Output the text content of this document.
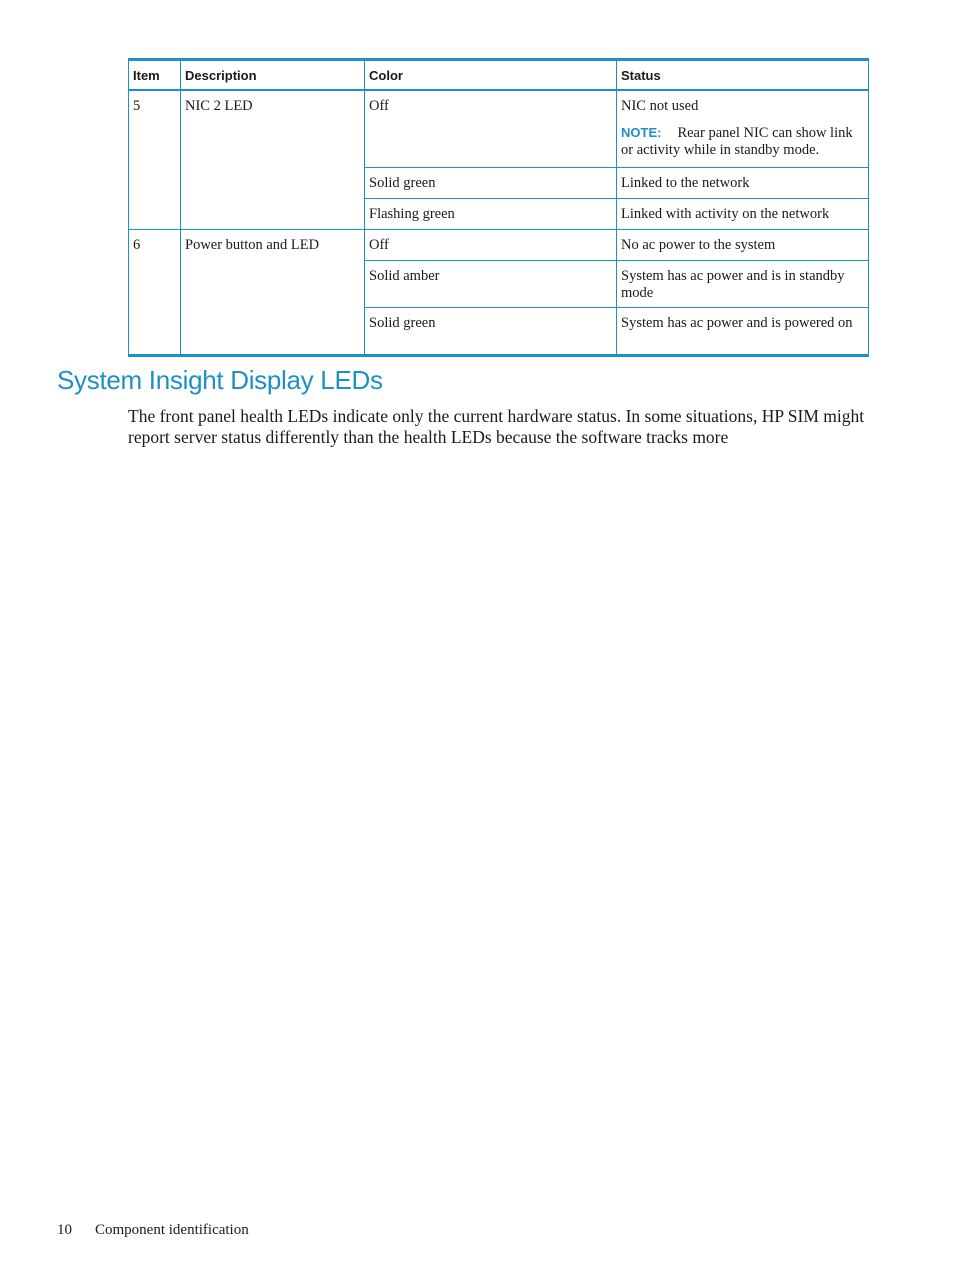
Item	Description	Color	Status
5	NIC 2 LED	Off	NIC not used
NOTE: Rear panel NIC can show link or activity while in standby mode.

		Solid green	Linked to the network
		Flashing green	Linked with activity on the network
6	Power button and LED	Off	No ac power to the system
		Solid amber	System has ac power and is in standby mode
		Solid green	System has ac power and is powered on
System Insight Display LEDs

The front panel health LEDs indicate only the current hardware status. In some situations, HP SIM might report server status differently than the health LEDs because the software tracks more

10 Component identification
